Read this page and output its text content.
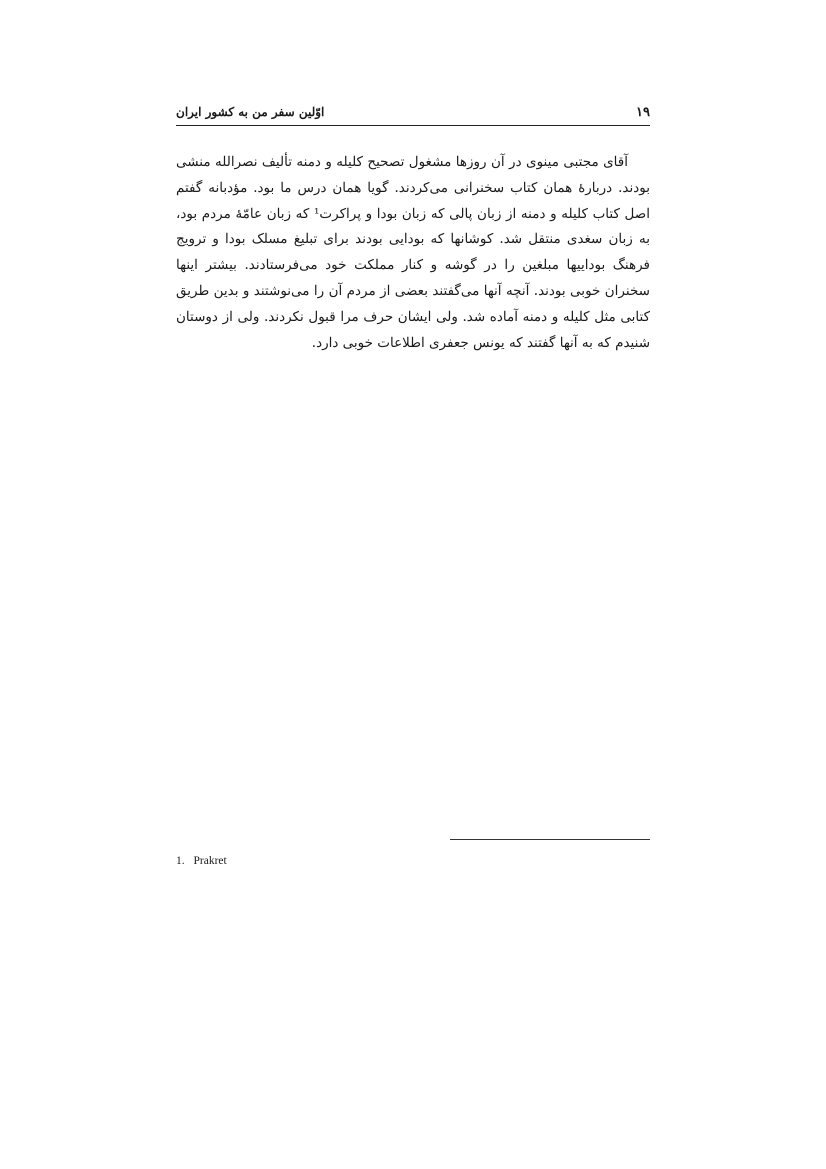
١٩
اوّلین سفر من به کشور ایران

آقای مجتبی مینوی در آن روزها مشغول تصحیح کلیله و دمنه تألیف نصرالله منشی
بودند. دربارهٔ همان کتاب سخنرانی می‌کردند. گویا همان درس ما بود. مؤدبانه گفتم
اصل کتاب کلیله و دمنه از زبان پالی که زبان بودا و پراکرت¹ که زبان عامّهٔ مردم بود،
به زبان سغدی منتقل شد. کوشانها که بودایی بودند برای تبلیغ مسلک بودا و ترویج
فرهنگ بوداییها مبلغین را در گوشه و کنار مملکت خود می‌فرستادند. بیشتر اینها
سخنران خوبی بودند. آنچه آنها می‌گفتند بعضی از مردم آن را می‌نوشتند و بدین طریق
کتابی مثل کلیله و دمنه آماده شد. ولی ایشان حرف مرا قبول نکردند. ولی از دوستان
شنیدم که به آنها گفتند که یونس جعفری اطلاعات خوبی دارد.

1. Prakret
